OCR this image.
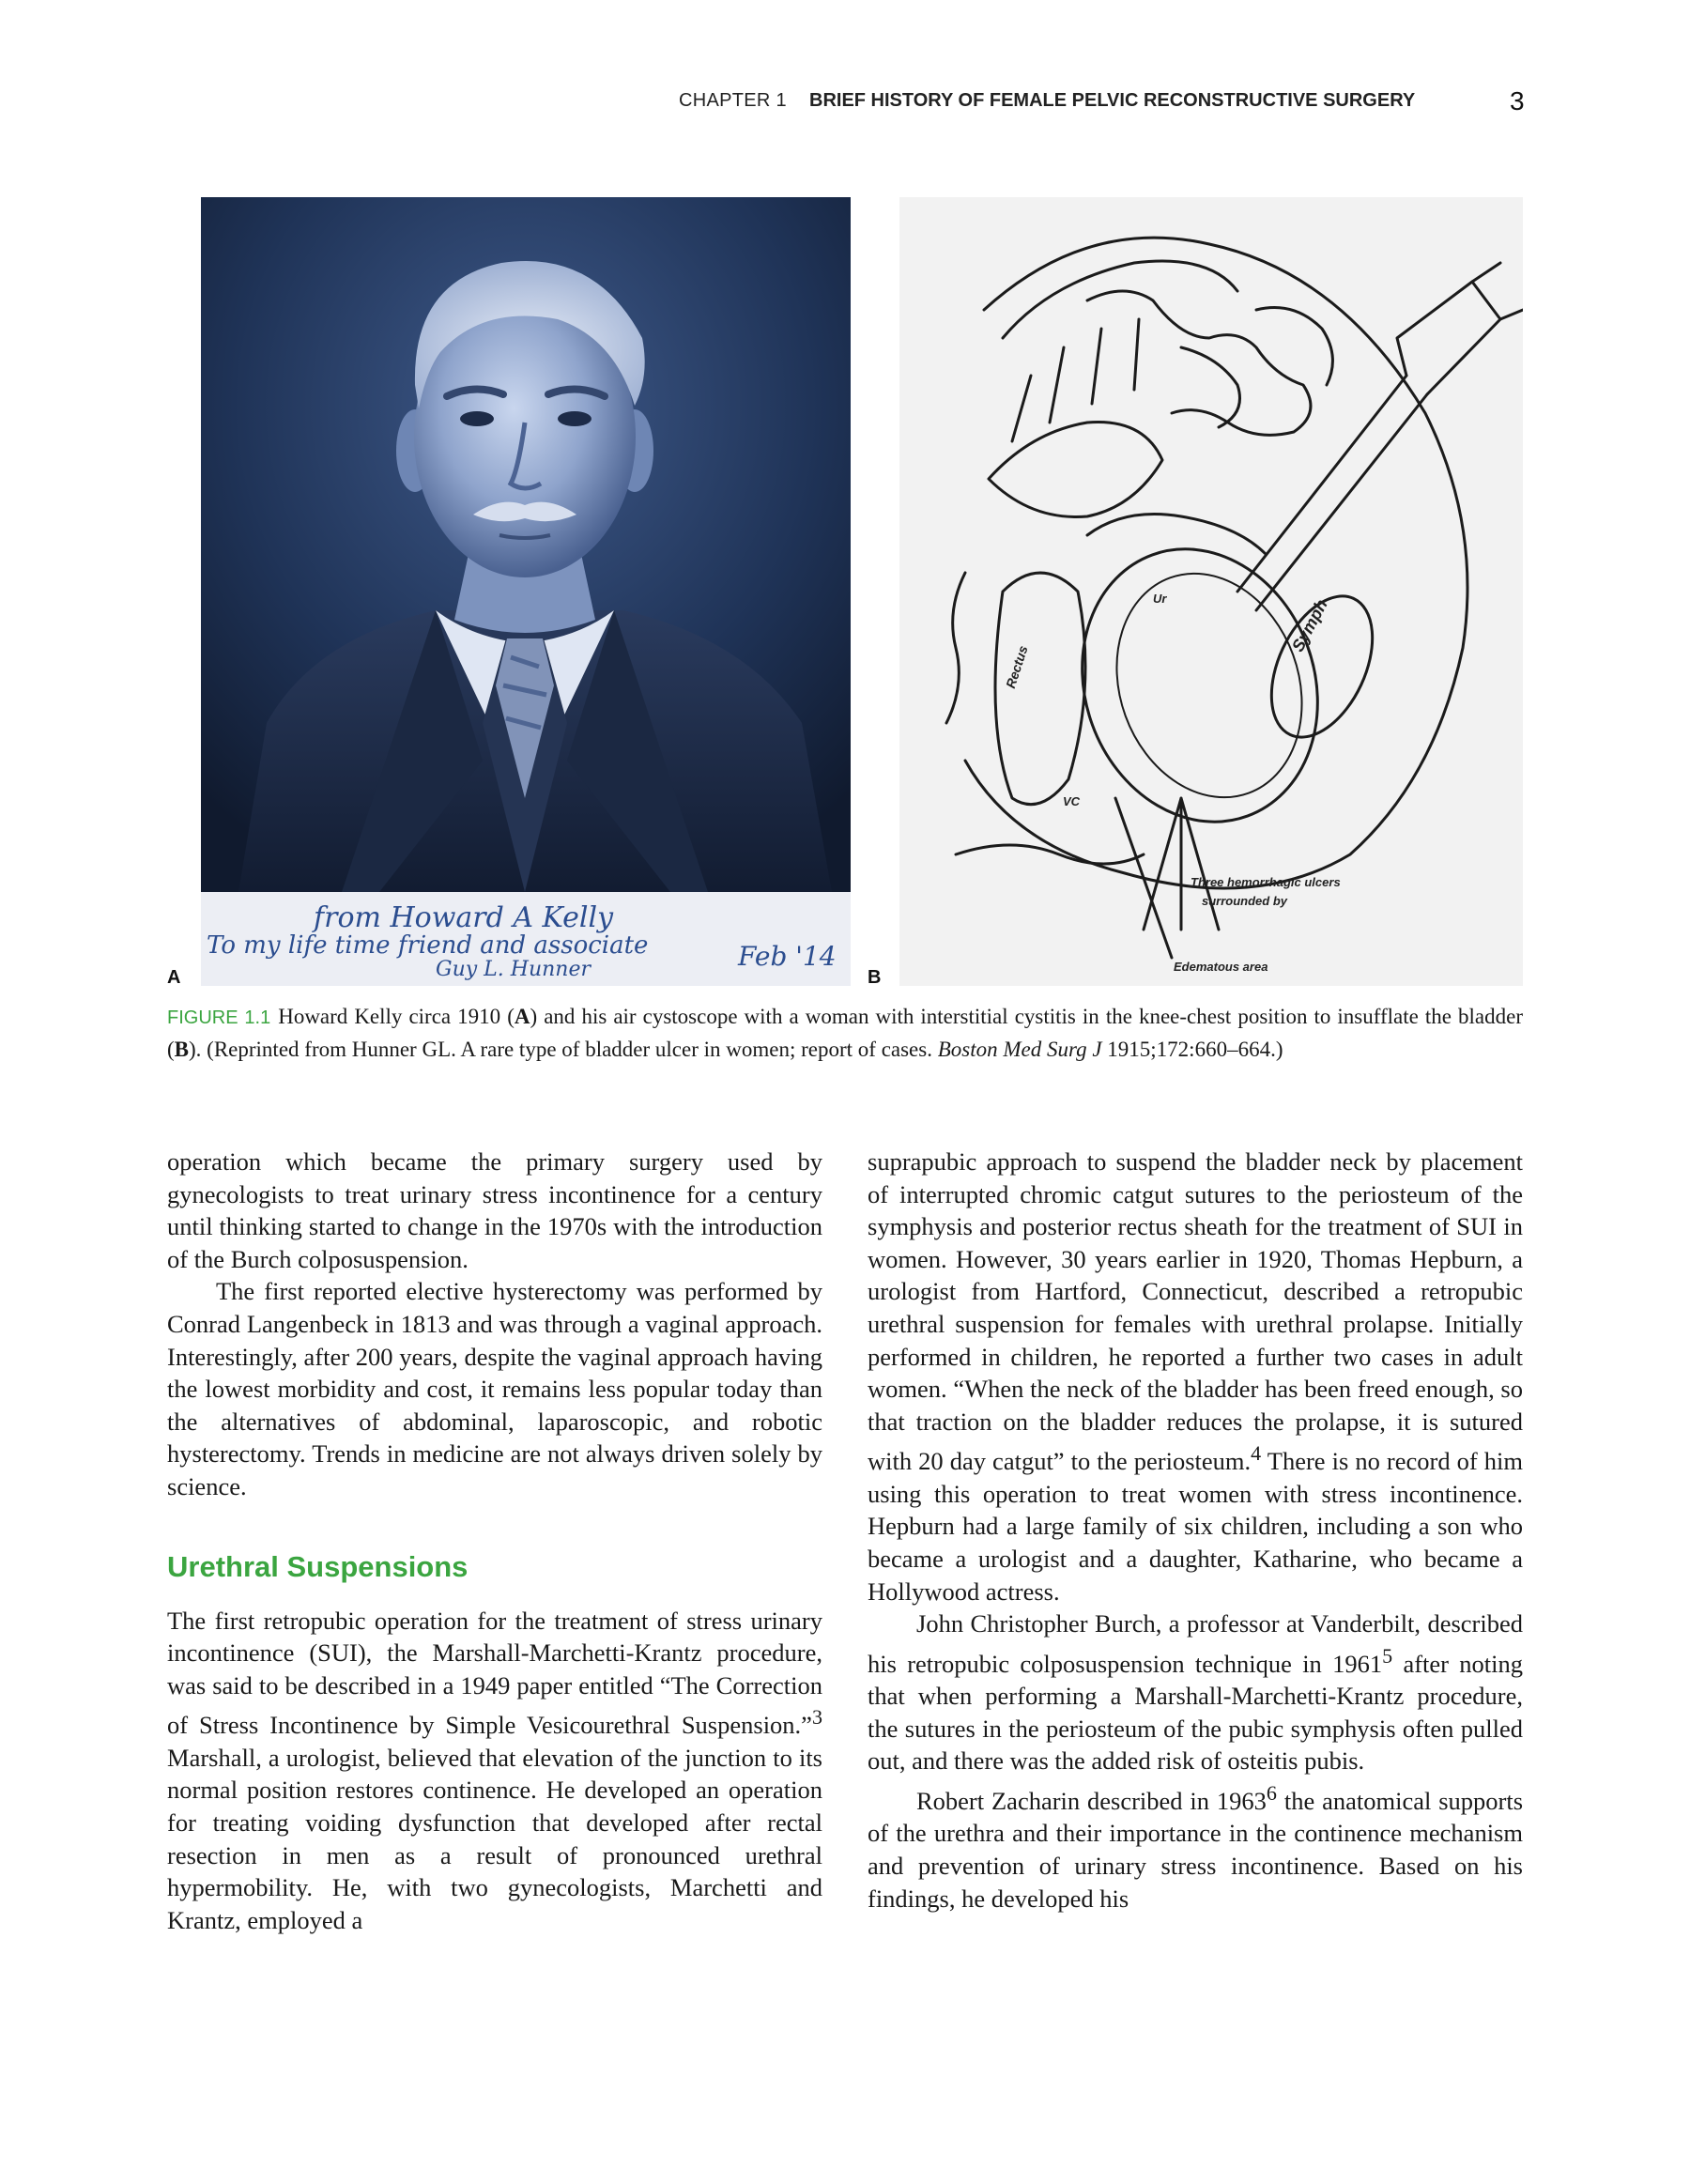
CHAPTER 1 BRIEF HISTORY OF FEMALE PELVIC RECONSTRUCTIVE SURGERY	3
from Howard A Kelly
To my life time friend and associate
Guy L. Hunner	Feb '14
A
Three hemorrhagic ulcers
surrounded by
Edematous area
Symph
Ur
Rectus
VC
B
FIGURE 1.1 Howard Kelly circa 1910 (A) and his air cystoscope with a woman with interstitial cystitis in the knee-chest position to insufflate the bladder (B). (Reprinted from Hunner GL. A rare type of bladder ulcer in women; report of cases. Boston Med Surg J 1915;172:660–664.)

operation which became the primary surgery used by gynecologists to treat urinary stress incontinence for a century until thinking started to change in the 1970s with the introduction of the Burch colposuspension.

The first reported elective hysterectomy was performed by Conrad Langenbeck in 1813 and was through a vaginal approach. Interestingly, after 200 years, despite the vaginal approach having the lowest morbidity and cost, it remains less popular today than the alternatives of abdominal, laparoscopic, and robotic hysterectomy. Trends in medicine are not always driven solely by science.

Urethral Suspensions

The first retropubic operation for the treatment of stress urinary incontinence (SUI), the Marshall-Marchetti-Krantz procedure, was said to be described in a 1949 paper entitled “The Correction of Stress Incontinence by Simple Vesicourethral Suspension.”$^3$ Marshall, a urologist, believed that elevation of the junction to its normal position restores continence. He developed an operation for treating voiding dysfunction that developed after rectal resection in men as a result of pronounced urethral hypermobility. He, with two gynecologists, Marchetti and Krantz, employed a

suprapubic approach to suspend the bladder neck by placement of interrupted chromic catgut sutures to the periosteum of the symphysis and posterior rectus sheath for the treatment of SUI in women. However, 30 years earlier in 1920, Thomas Hepburn, a urologist from Hartford, Connecticut, described a retropubic urethral suspension for females with urethral prolapse. Initially performed in children, he reported a further two cases in adult women. “When the neck of the bladder has been freed enough, so that traction on the bladder reduces the prolapse, it is sutured with 20 day catgut” to the periosteum.$^4$ There is no record of him using this operation to treat women with stress incontinence. Hepburn had a large family of six children, including a son who became a urologist and a daughter, Katharine, who became a Hollywood actress.

John Christopher Burch, a professor at Vanderbilt, described his retropubic colposuspension technique in 1961$^5$ after noting that when performing a Marshall-Marchetti-Krantz procedure, the sutures in the periosteum of the pubic symphysis often pulled out, and there was the added risk of osteitis pubis.

Robert Zacharin described in 1963$^6$ the anatomical supports of the urethra and their importance in the continence mechanism and prevention of urinary stress incontinence. Based on his findings, he developed his
